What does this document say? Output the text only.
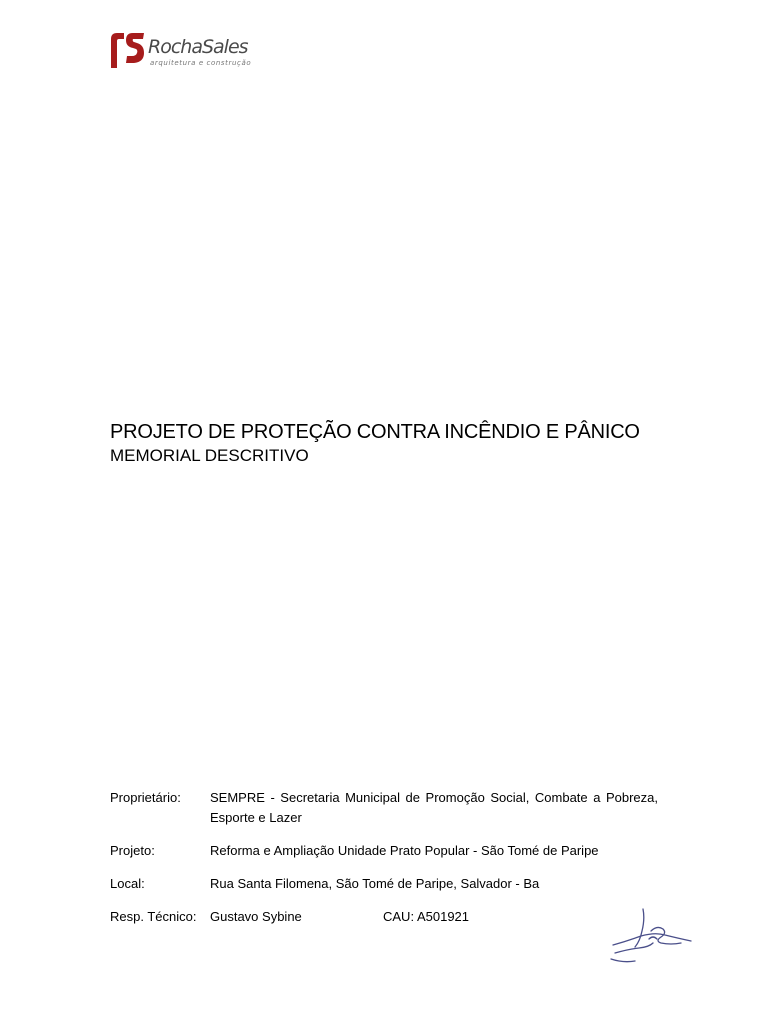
RochaSales
arquitetura e construção
PROJETO DE PROTEÇÃO CONTRA INCÊNDIO E PÂNICO
MEMORIAL DESCRITIVO
Proprietário:	SEMPRE - Secretaria Municipal de Promoção Social, Combate a Pobreza, Esporte e Lazer
Projeto:	Reforma e Ampliação Unidade Prato Popular - São Tomé de Paripe
Local:	Rua Santa Filomena, São Tomé de Paripe, Salvador - Ba
Resp. Técnico:	Gustavo Sybine	CAU: A501921
